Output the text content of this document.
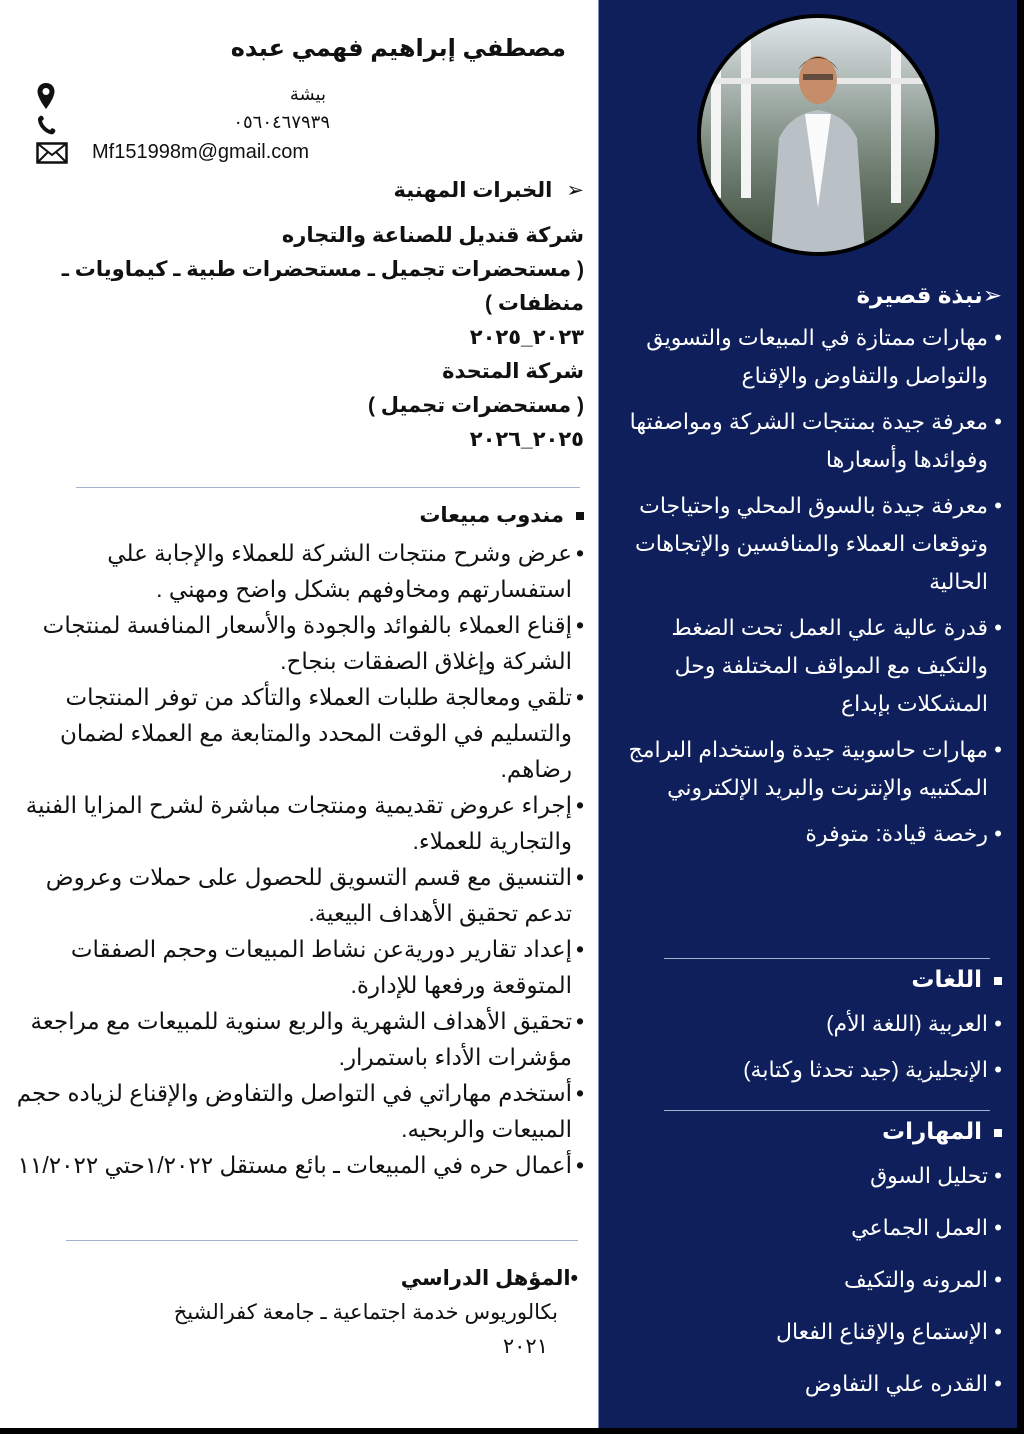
مصطفي إبراهيم فهمي عبده
بيشة
٠٥٦٠٤٦٧٩٣٩
Mf151998m@gmail.com
➢الخبرات المهنية
شركة قنديل للصناعة والتجاره
( مستحضرات تجميل ـ مستحضرات طبية ـ كيماويات ـ منظفات )
٢٠٢٣_٢٠٢٥
شركة المتحدة
( مستحضرات تجميل )
٢٠٢٥_٢٠٢٦
مندوب مبيعات
• عرض وشرح منتجات الشركة للعملاء والإجابة علي استفسارتهم ومخاوفهم بشكل واضح ومهني .
• إقناع العملاء بالفوائد والجودة والأسعار المنافسة لمنتجات الشركة وإغلاق الصفقات بنجاح.
• تلقي ومعالجة طلبات العملاء والتأكد من توفر المنتجات والتسليم في الوقت المحدد والمتابعة مع العملاء لضمان رضاهم.
• إجراء عروض تقديمية ومنتجات مباشرة لشرح المزايا الفنية والتجارية للعملاء.
• التنسيق مع قسم التسويق للحصول على حملات وعروض تدعم تحقيق الأهداف البيعية.
• إعداد تقارير دوريةعن نشاط المبيعات وحجم الصفقات المتوقعة ورفعها للإدارة.
• تحقيق الأهداف الشهرية والربع سنوية للمبيعات مع مراجعة مؤشرات الأداء باستمرار.
• أستخدم مهاراتي في التواصل والتفاوض والإقناع لزياده حجم المبيعات والربحيه.
• أعمال حره في المبيعات ـ بائع مستقل ١/٢٠٢٢حتي ١١/٢٠٢٢
•المؤهل الدراسي
بكالوريوس خدمة اجتماعية ـ جامعة كفرالشيخ
٢٠٢١
➢نبذة قصيرة
• مهارات ممتازة في المبيعات والتسويق والتواصل والتفاوض والإقناع
• معرفة جيدة بمنتجات الشركة ومواصفتها وفوائدها وأسعارها
• معرفة جيدة بالسوق المحلي واحتياجات وتوقعات العملاء والمنافسين والإتجاهات الحالية
• قدرة عالية علي العمل تحت الضغط والتكيف مع المواقف المختلفة وحل المشكلات بإبداع
• مهارات حاسوبية جيدة واستخدام البرامج المكتبيه والإنترنت والبريد الإلكتروني
• رخصة قيادة: متوفرة
اللغات
• العربية (اللغة الأم)
• الإنجليزية (جيد تحدثا وكتابة)
المهارات
• تحليل السوق
• العمل الجماعي
• المرونه والتكيف
• الإستماع والإقناع الفعال
• القدره علي التفاوض
